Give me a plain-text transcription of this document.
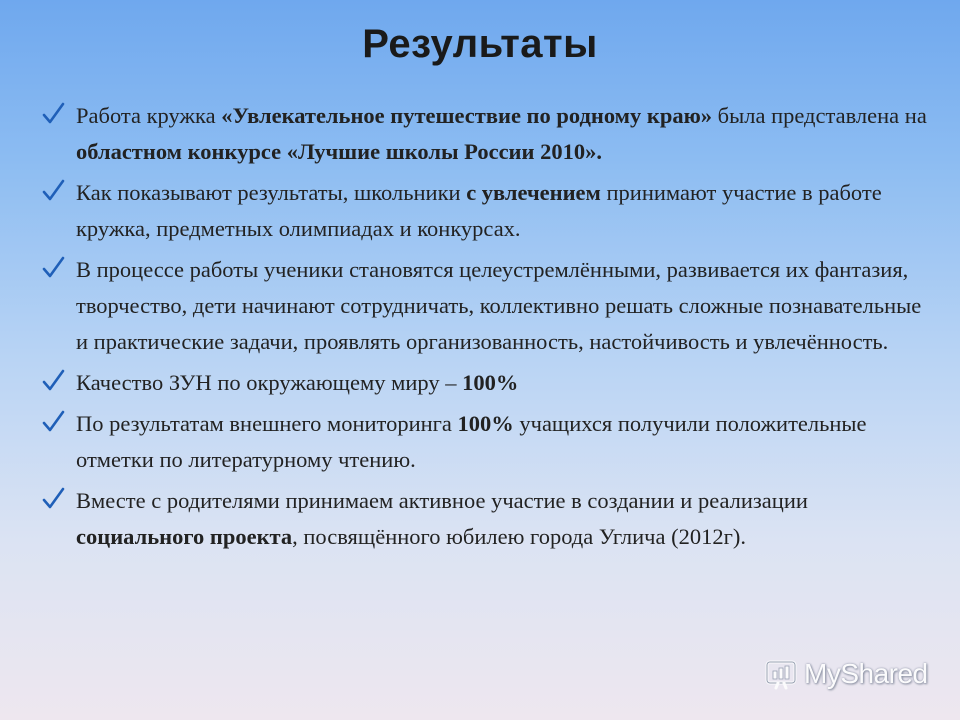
Результаты
Работа кружка «Увлекательное путешествие по родному краю» была представлена на областном конкурсе «Лучшие школы России 2010».
Как показывают результаты, школьники с увлечением принимают участие в работе кружка, предметных олимпиадах и конкурсах.
В процессе работы ученики становятся целеустремлёнными, развивается их фантазия, творчество, дети начинают сотрудничать, коллективно решать сложные познавательные и практические задачи, проявлять организованность, настойчивость и увлечённость.
Качество ЗУН по окружающему миру – 100%
По результатам внешнего мониторинга 100% учащихся получили положительные отметки по литературному чтению.
Вместе с родителями принимаем активное участие в создании и реализации социального проекта, посвящённого юбилею города Углича (2012г).
MyShared
